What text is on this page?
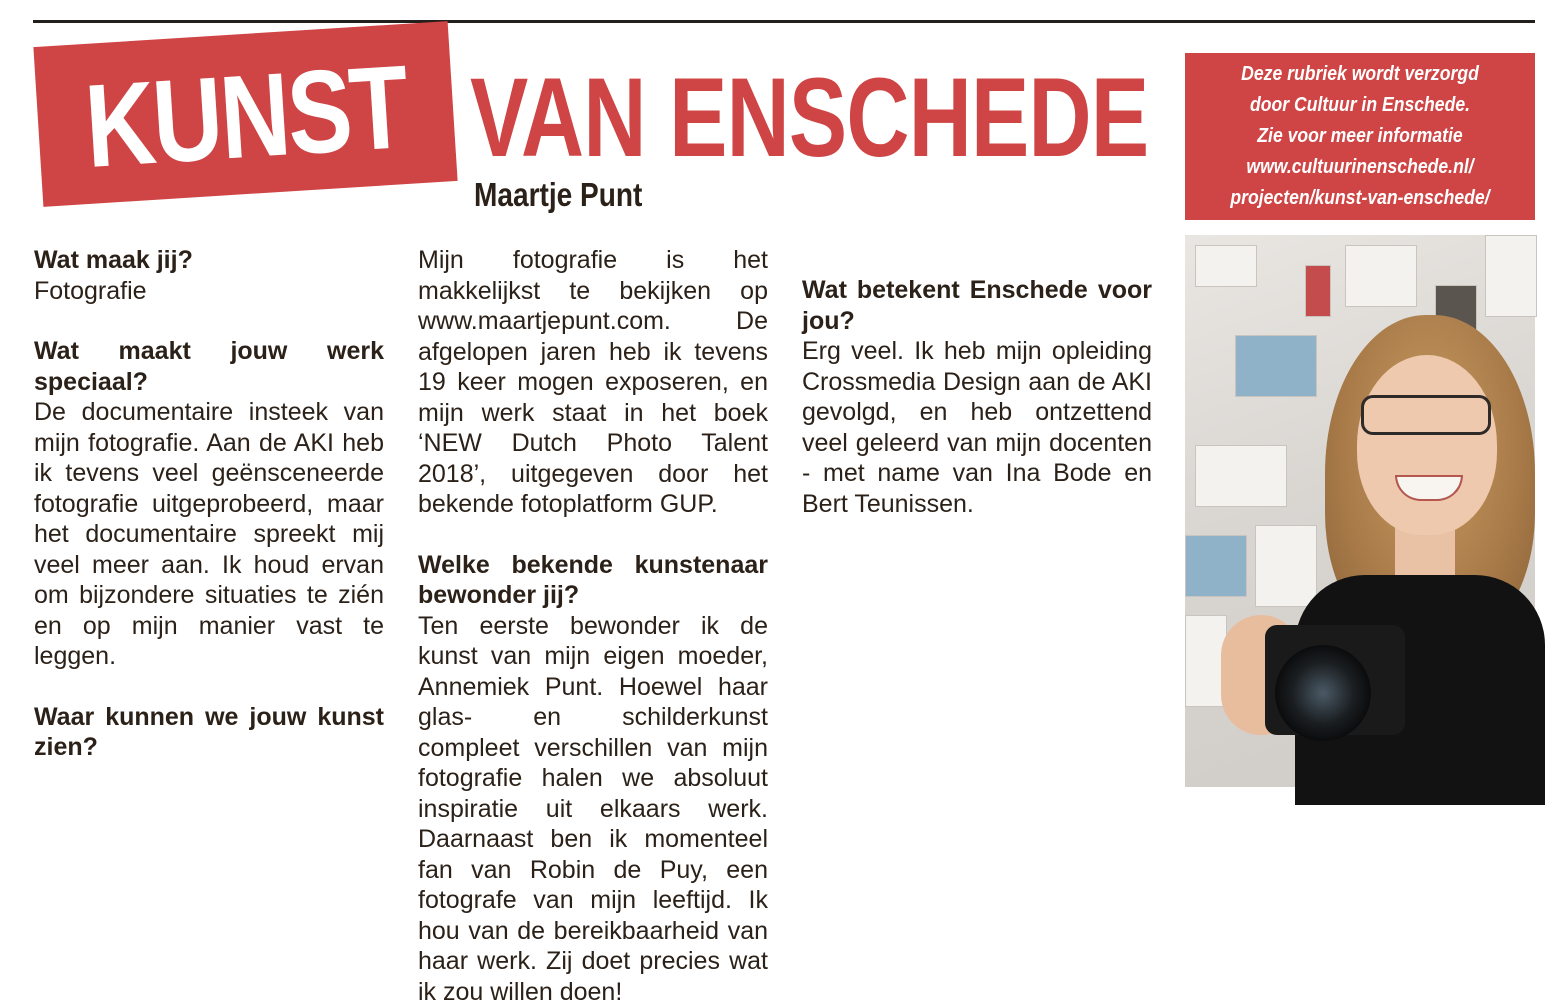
KUNST VAN ENSCHEDE
Maartje Punt
Deze rubriek wordt verzorgd
door Cultuur in Enschede.
Zie voor meer informatie
www.cultuurinenschede.nl/
projecten/kunst-van-enschede/

Wat maak jij?

Fotografie

Wat maakt jouw werk speciaal?

De documentaire insteek van mijn fotografie. Aan de AKI heb ik tevens veel geënsceneerde fotografie uitgeprobeerd, maar het documentaire spreekt mij veel meer aan. Ik houd ervan om bijzondere situaties te zién en op mijn manier vast te leggen.

Waar kunnen we jouw kunst zien?

Mijn fotografie is het makkelijkst te bekijken op www.maartjepunt.com. De afgelopen jaren heb ik tevens 19 keer mogen exposeren, en mijn werk staat in het boek ‘NEW Dutch Photo Talent 2018’, uitgegeven door het bekende fotoplatform GUP.

Welke bekende kunstenaar bewonder jij?

Ten eerste bewonder ik de kunst van mijn eigen moeder, Annemiek Punt. Hoewel haar glas- en schilderkunst compleet verschillen van mijn fotografie halen we absoluut inspiratie uit elkaars werk. Daarnaast ben ik momenteel fan van Robin de Puy, een fotografe van mijn leeftijd. Ik hou van de bereikbaarheid van haar werk. Zij doet precies wat ik zou willen doen!

Wat betekent Enschede voor jou?

Erg veel. Ik heb mijn opleiding Crossmedia Design aan de AKI gevolgd, en heb ontzettend veel geleerd van mijn docenten - met name van Ina Bode en Bert Teunissen.
